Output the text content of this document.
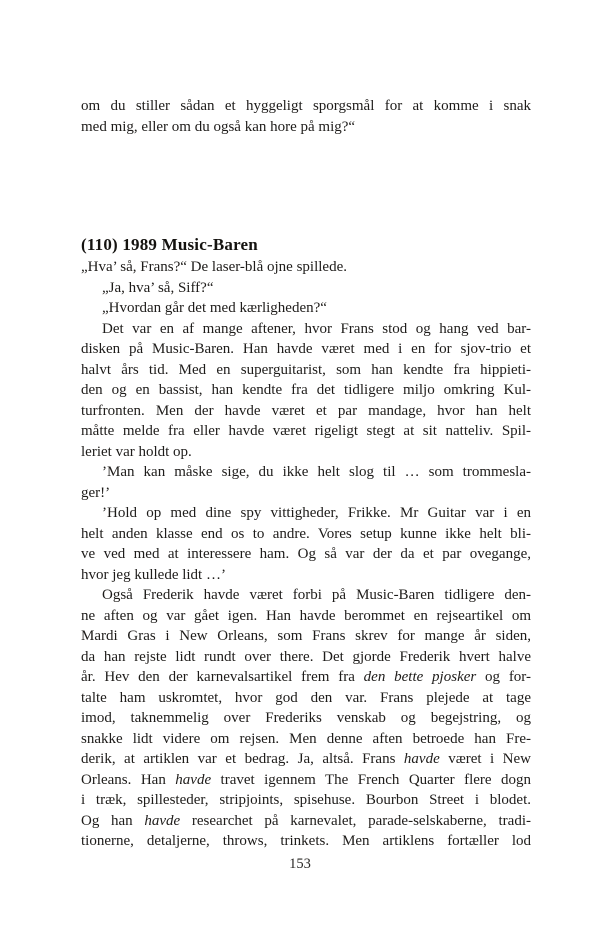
om du stiller sådan et hyggeligt sporgsmål for at komme i snak
med mig, eller om du også kan hore på mig?“
(110) 1989 Music-Baren
„Hva’ så, Frans?“ De laser-blå ojne spillede.
„Ja, hva’ så, Siff?“
„Hvordan går det med kærligheden?“
Det var en af mange aftener, hvor Frans stod og hang ved bar-
disken på Music-Baren. Han havde været med i en for sjov-trio et
halvt års tid. Med en superguitarist, som han kendte fra hippieti-
den og en bassist, han kendte fra det tidligere miljo omkring Kul-
turfronten. Men der havde været et par mandage, hvor han helt
måtte melde fra eller havde været rigeligt stegt at sit natteliv. Spil-
leriet var holdt op.
’Man kan måske sige, du ikke helt slog til … som trommesla-
ger!’
’Hold op med dine spy vittigheder, Frikke. Mr Guitar var i en
helt anden klasse end os to andre. Vores setup kunne ikke helt bli-
ve ved med at interessere ham. Og så var der da et par ovegange,
hvor jeg kullede lidt …’
Også Frederik havde været forbi på Music-Baren tidligere den-
ne aften og var gået igen. Han havde berommet en rejseartikel om
Mardi Gras i New Orleans, som Frans skrev for mange år siden,
da han rejste lidt rundt over there. Det gjorde Frederik hvert halve
år. Hev den der karnevalsartikel frem fra den bette pjosker og for-
talte ham uskromtet, hvor god den var. Frans plejede at tage
imod, taknemmelig over Frederiks venskab og begejstring, og
snakke lidt videre om rejsen. Men denne aften betroede han Fre-
derik, at artiklen var et bedrag. Ja, altså. Frans havde været i New
Orleans. Han havde travet igennem The French Quarter flere dogn
i træk, spillesteder, stripjoints, spisehuse. Bourbon Street i blodet.
Og han havde researchet på karnevalet, parade-selskaberne, tradi-
tionerne, detaljerne, throws, trinkets. Men artiklens fortæller lod
153
